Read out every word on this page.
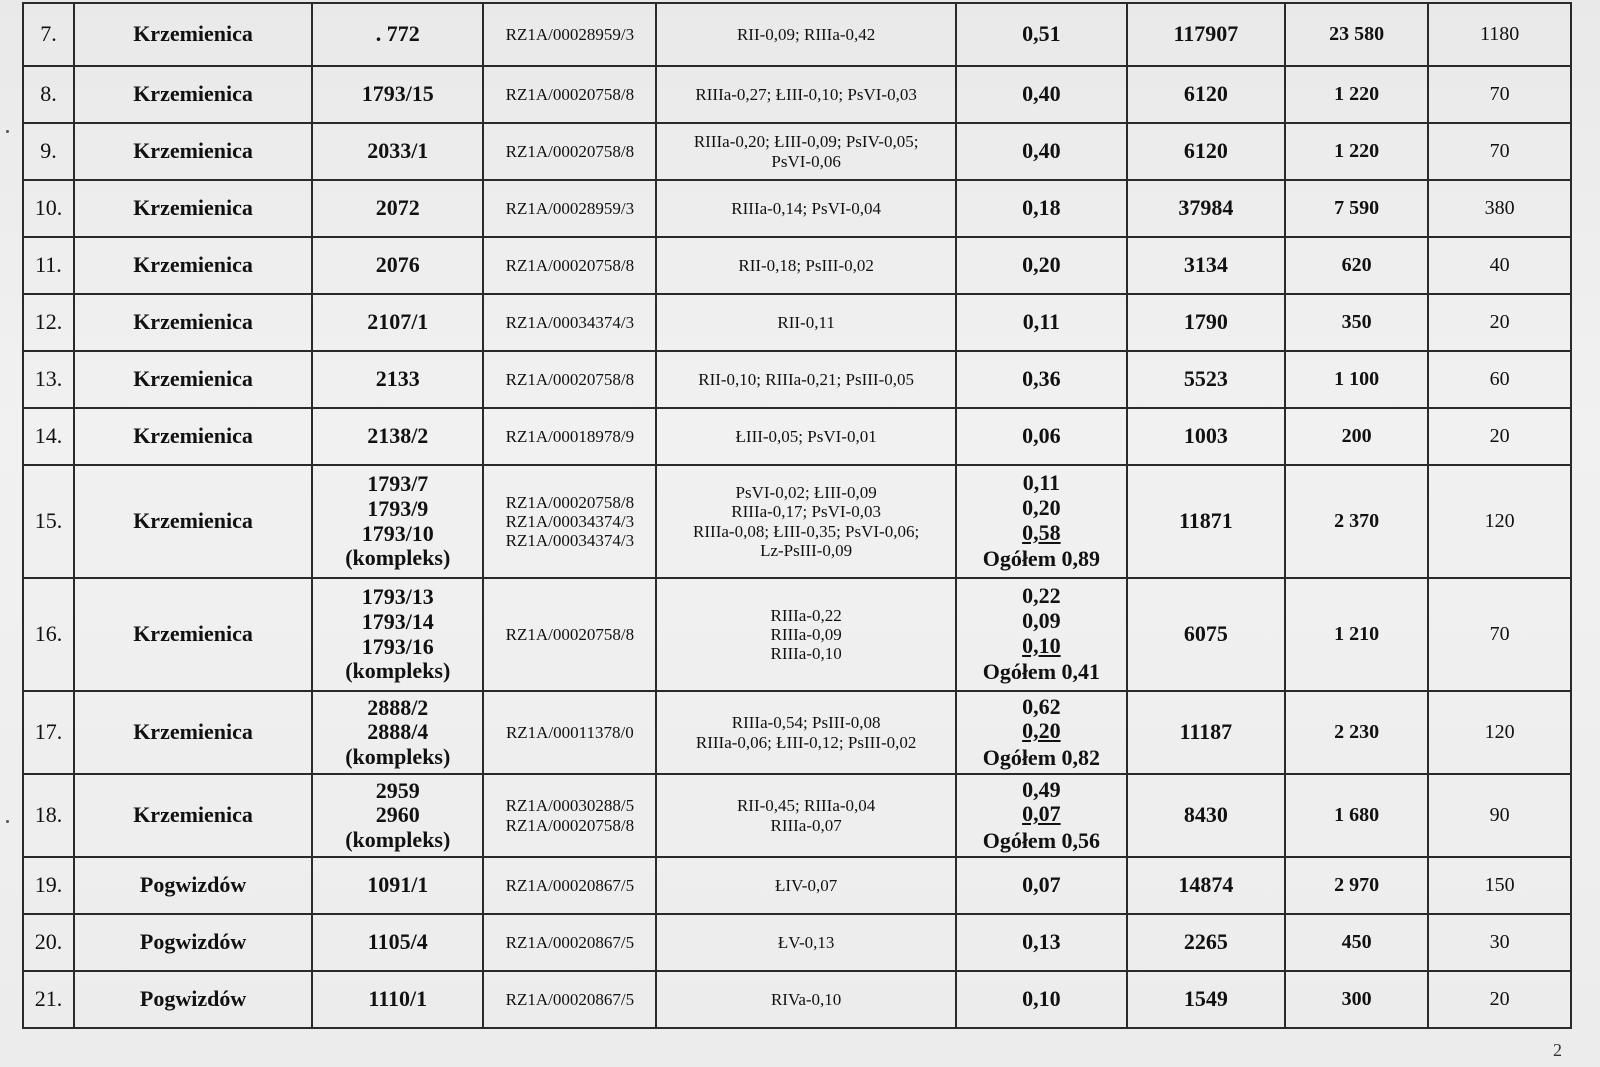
7.	Krzemienica	. 772	RZ1A/00028959/3	RII-0,09; RIIIa-0,42	0,51	117907	23 580	1180

8.	Krzemienica	1793/15	RZ1A/00020758/8	RIIIa-0,27; ŁIII-0,10; PsVI-0,03	0,40	6120	1 220	70

9.	Krzemienica	2033/1	RZ1A/00020758/8	RIIIa-0,20; ŁIII-0,09; PsIV-0,05;
PsVI-0,06	0,40	6120	1 220	70

10.	Krzemienica	2072	RZ1A/00028959/3	RIIIa-0,14; PsVI-0,04	0,18	37984	7 590	380

11.	Krzemienica	2076	RZ1A/00020758/8	RII-0,18; PsIII-0,02	0,20	3134	620	40

12.	Krzemienica	2107/1	RZ1A/00034374/3	RII-0,11	0,11	1790	350	20

13.	Krzemienica	2133	RZ1A/00020758/8	RII-0,10; RIIIa-0,21; PsIII-0,05	0,36	5523	1 100	60

14.	Krzemienica	2138/2	RZ1A/00018978/9	ŁIII-0,05; PsVI-0,01	0,06	1003	200	20

15.	Krzemienica	1793/7
1793/9
1793/10
(kompleks)	RZ1A/00020758/8
RZ1A/00034374/3
RZ1A/00034374/3	PsVI-0,02; ŁIII-0,09
RIIIa-0,17; PsVI-0,03
RIIIa-0,08; ŁIII-0,35; PsVI-0,06;
Lz-PsIII-0,09	0,11
0,20
0,58
Ogółem 0,89	11871	2 370	120

16.	Krzemienica	1793/13
1793/14
1793/16
(kompleks)	RZ1A/00020758/8	RIIIa-0,22
RIIIa-0,09
RIIIa-0,10	0,22
0,09
0,10
Ogółem 0,41	6075	1 210	70

17.	Krzemienica	2888/2
2888/4
(kompleks)	RZ1A/00011378/0	RIIIa-0,54; PsIII-0,08
RIIIa-0,06; ŁIII-0,12; PsIII-0,02	0,62
0,20
Ogółem 0,82	11187	2 230	120

18.	Krzemienica	2959
2960
(kompleks)	RZ1A/00030288/5
RZ1A/00020758/8	RII-0,45; RIIIa-0,04
RIIIa-0,07	0,49
0,07
Ogółem 0,56	8430	1 680	90

19.	Pogwizdów	1091/1	RZ1A/00020867/5	ŁIV-0,07	0,07	14874	2 970	150

20.	Pogwizdów	1105/4	RZ1A/00020867/5	ŁV-0,13	0,13	2265	450	30

21.	Pogwizdów	1110/1	RZ1A/00020867/5	RIVa-0,10	0,10	1549	300	20
2
